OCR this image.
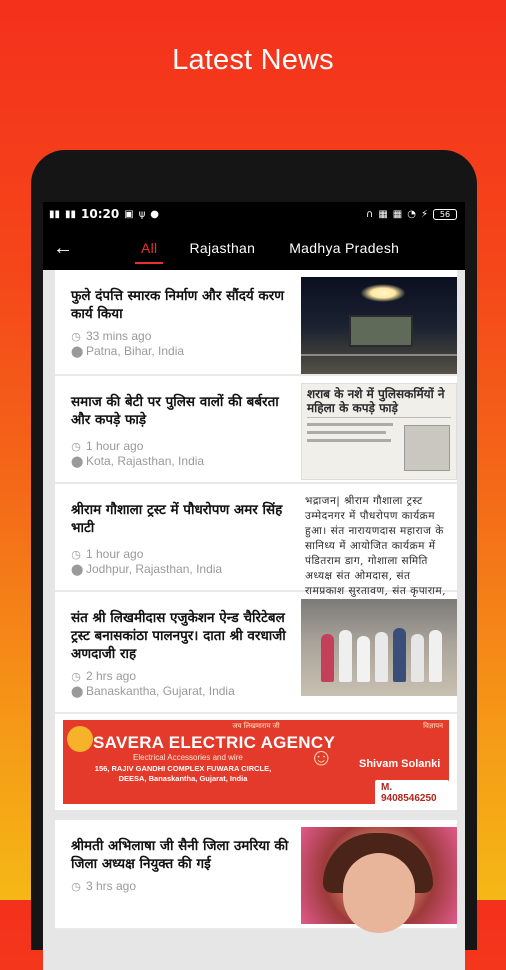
Latest News
▮▮ ▮▮ 10:20 ▣ ψ ●	∩ ▦ ▦ ◔ ⚡	56
←	All Rajasthan Madhya Pradesh
फुले दंपत्ति स्मारक निर्माण और सौंदर्य करण कार्य किया
◷ 33 mins ago
⬤ Patna, Bihar, India
समाज की बेटी पर पुलिस वालों की बर्बरता और कपड़े फाड़े
◷ 1 hour ago
⬤ Kota, Rajasthan, India
शराब के नशे में पुलिसकर्मियों ने महिला के कपड़े फाड़े
श्रीराम गौशाला ट्रस्ट में पौधरोपण अमर सिंह भाटी
◷ 1 hour ago
⬤ Jodhpur, Rajasthan, India
भद्राजन| श्रीराम गौशाला ट्रस्ट उम्मेदनगर में पौधरोपण कार्यक्रम हुआ। संत नारायणदास महाराज के सानिध्य में आयोजित कार्यक्रम में पंडितराम डाग, गोशाला समिति अध्यक्ष संत ओमदास, संत रामप्रकाश सुरतावण, संत कृपाराम,
संत श्री लिखमीदास एजुकेशन ऐन्ड चैरिटेबल ट्रस्ट बनासकांठा पालनपुर। दाता श्री वरधाजी अणदाजी राह
◷ 2 hrs ago
⬤ Banaskantha, Gujarat, India
जय लिखमाराम जी	विज्ञापन
SAVERA ELECTRIC AGENCY
Electrical Accessories and wire
156, RAJIV GANDHI COMPLEX FUWARA CIRCLE, DEESA, Banaskantha, Gujarat, India
☺ Shivam Solanki
M. 9408546250
श्रीमती अभिलाषा जी सैनी जिला उमरिया की जिला अध्यक्ष नियुक्त की गई
◷ 3 hrs ago
